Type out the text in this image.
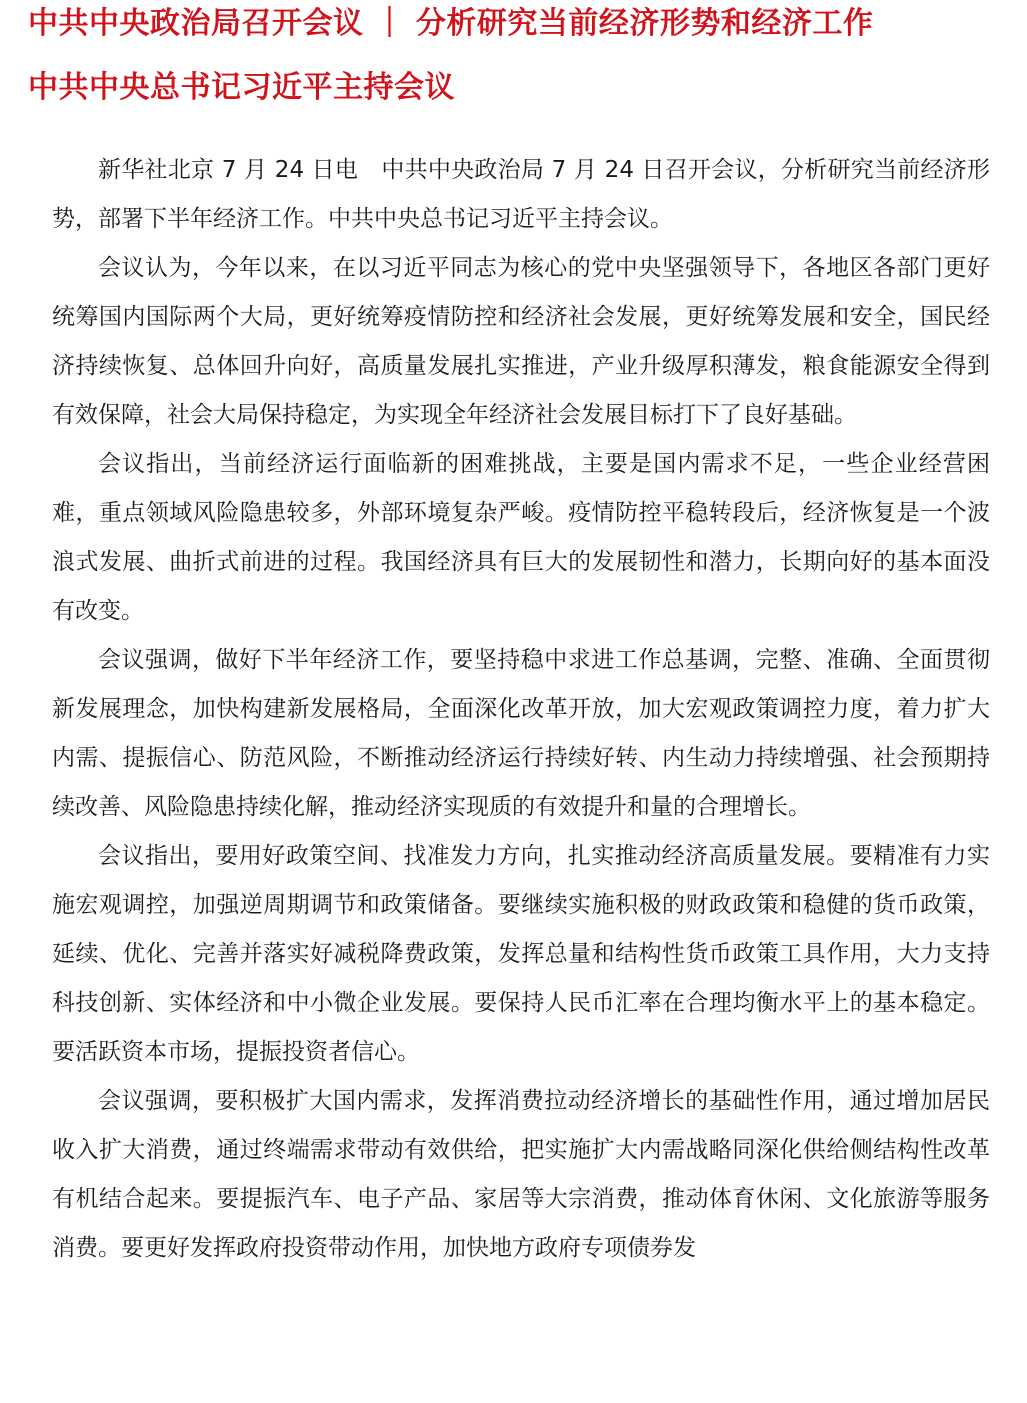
中共中央政治局召开会议 ｜ 分析研究当前经济形势和经济工作
中共中央总书记习近平主持会议

新华社北京 7 月 24 日电　中共中央政治局 7 月 24 日召开会议，分析研究当前经济形势，部署下半年经济工作。中共中央总书记习近平主持会议。

会议认为，今年以来，在以习近平同志为核心的党中央坚强领导下，各地区各部门更好统筹国内国际两个大局，更好统筹疫情防控和经济社会发展，更好统筹发展和安全，国民经济持续恢复、总体回升向好，高质量发展扎实推进，产业升级厚积薄发，粮食能源安全得到有效保障，社会大局保持稳定，为实现全年经济社会发展目标打下了良好基础。

会议指出，当前经济运行面临新的困难挑战，主要是国内需求不足，一些企业经营困难，重点领域风险隐患较多，外部环境复杂严峻。疫情防控平稳转段后，经济恢复是一个波浪式发展、曲折式前进的过程。我国经济具有巨大的发展韧性和潜力，长期向好的基本面没有改变。

会议强调，做好下半年经济工作，要坚持稳中求进工作总基调，完整、准确、全面贯彻新发展理念，加快构建新发展格局，全面深化改革开放，加大宏观政策调控力度，着力扩大内需、提振信心、防范风险，不断推动经济运行持续好转、内生动力持续增强、社会预期持续改善、风险隐患持续化解，推动经济实现质的有效提升和量的合理增长。

会议指出，要用好政策空间、找准发力方向，扎实推动经济高质量发展。要精准有力实施宏观调控，加强逆周期调节和政策储备。要继续实施积极的财政政策和稳健的货币政策，延续、优化、完善并落实好减税降费政策，发挥总量和结构性货币政策工具作用，大力支持科技创新、实体经济和中小微企业发展。要保持人民币汇率在合理均衡水平上的基本稳定。要活跃资本市场，提振投资者信心。

会议强调，要积极扩大国内需求，发挥消费拉动经济增长的基础性作用，通过增加居民收入扩大消费，通过终端需求带动有效供给，把实施扩大内需战略同深化供给侧结构性改革有机结合起来。要提振汽车、电子产品、家居等大宗消费，推动体育休闲、文化旅游等服务消费。要更好发挥政府投资带动作用，加快地方政府专项债券发
